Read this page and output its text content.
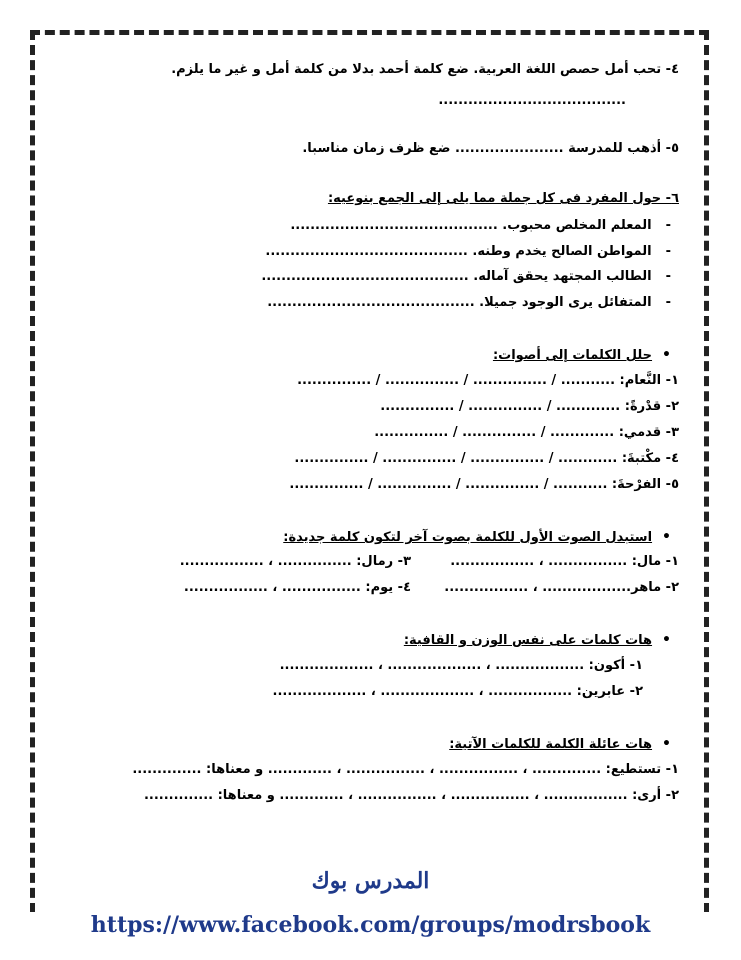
٤- تحب أمل حصص اللغة العربية. ضع كلمة أحمد بدلا من كلمة أمل و غير ما يلزم.
......................................
٥- أذهب للمدرسة ...................... ضع ظرف زمان مناسبا.
٦- حول المفرد فى كل جملة مما يلى إلى الجمع بنوعيه:
- المعلم المخلص محبوب. ..........................................
- المواطن الصالح يخدم وطنه. .........................................
- الطالب المجتهد يحقق آماله. ..........................................
- المتفائل يرى الوجود جميلا. ..........................................
• حلل الكلمات إلى أصوات:
١- النَّعام: ........... / ............... / ............... / ...............
٢- قدْرةً: ............. / ............... / ...............
٣- قدمي: ............. / ............... / ...............
٤- مكْتبةَ: ............ / ............... / ............... / ...............
٥- الفرْحةَ: ........... / ............... / ............... / ...............
• استبدل الصوت الأول للكلمة بصوت آخر لتكون كلمة جديدة:
١- مال: ................ ، .................
٣- رمال: ............... ، .................
٢- ماهر.................. ، .................
٤- يوم: ................ ، .................
• هات كلمات على نفس الوزن و القافية:
١- أكون: .................. ، ................... ، ...................
٢- عابرين: ................. ، ................... ، ...................
• هات عائلة الكلمة للكلمات الآتية:
١- تستطيع: .............. ، ................ ، ................ ، ............. و معناها: ..............
٢- أرى: ................. ، ................ ، ................ ، ............. و معناها: ..............
المدرس بوك
https://www.facebook.com/groups/modrsbook
